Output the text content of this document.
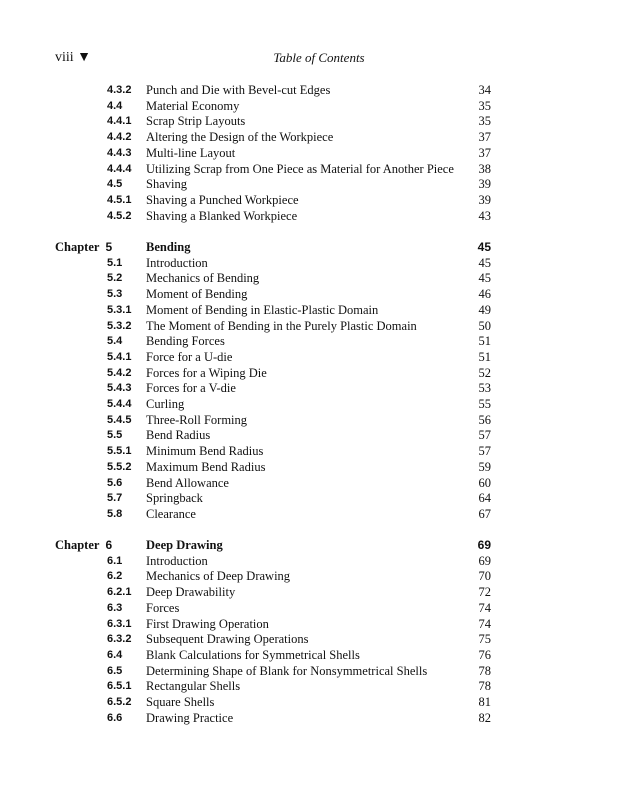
viii ▼	Table of Contents
4.3.2	Punch and Die with Bevel-cut Edges	34
4.4	Material Economy	35
4.4.1	Scrap Strip Layouts	35
4.4.2	Altering the Design of the Workpiece	37
4.4.3	Multi-line Layout	37
4.4.4	Utilizing Scrap from One Piece as Material for Another Piece 38
4.5	Shaving	39
4.5.1	Shaving a Punched Workpiece	39
4.5.2	Shaving a Blanked Workpiece	43
Chapter 5	Bending	45
5.1	Introduction	45
5.2	Mechanics of Bending	45
5.3	Moment of Bending	46
5.3.1	Moment of Bending in Elastic-Plastic Domain	49
5.3.2	The Moment of Bending in the Purely Plastic Domain	50
5.4	Bending Forces	51
5.4.1	Force for a U-die	51
5.4.2	Forces for a Wiping Die	52
5.4.3	Forces for a V-die	53
5.4.4	Curling	55
5.4.5	Three-Roll Forming	56
5.5	Bend Radius	57
5.5.1	Minimum Bend Radius	57
5.5.2	Maximum Bend Radius	59
5.6	Bend Allowance	60
5.7	Springback	64
5.8	Clearance	67
Chapter 6	Deep Drawing	69
6.1	Introduction	69
6.2	Mechanics of Deep Drawing	70
6.2.1	Deep Drawability	72
6.3	Forces	74
6.3.1	First Drawing Operation	74
6.3.2	Subsequent Drawing Operations	75
6.4	Blank Calculations for Symmetrical Shells	76
6.5	Determining Shape of Blank for Nonsymmetrical Shells	78
6.5.1	Rectangular Shells	78
6.5.2	Square Shells	81
6.6	Drawing Practice	82
